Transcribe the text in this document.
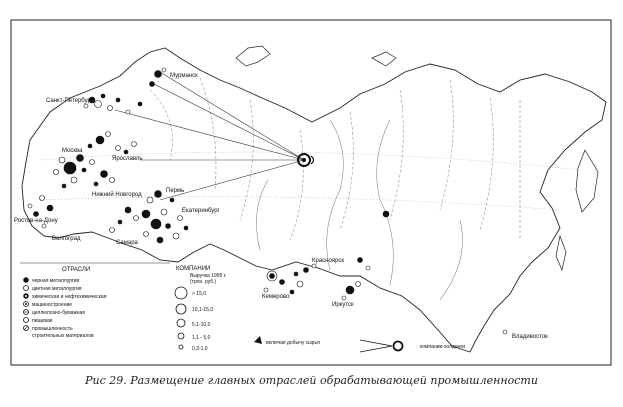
Мурманск
Санкт-Петербург
Москва
Ярославль
Нижний Новгород
Самара
Волгоград
Ростов-на-Дону
Пермь
Екатеринбург
Красноярск
Кемерово
Иркутск
Владивосток
ОТРАСЛИ
черная металлургия
цветная металлургия
химическая и нефтехимическая
машиностроение
целлюлозно-бумажная
пищевая
промышленность
строительных материалов
КОМПАНИИ
Выручка 1995 г.
(трлн. руб.)
> 15,0
10,1-15,0
5,1-10,0
1,1 - 5,0
0,3-1,0
включая добычу сырья
компании-холдинги
Рис 29. Размещение главных отраслей обрабатывающей промышленности
